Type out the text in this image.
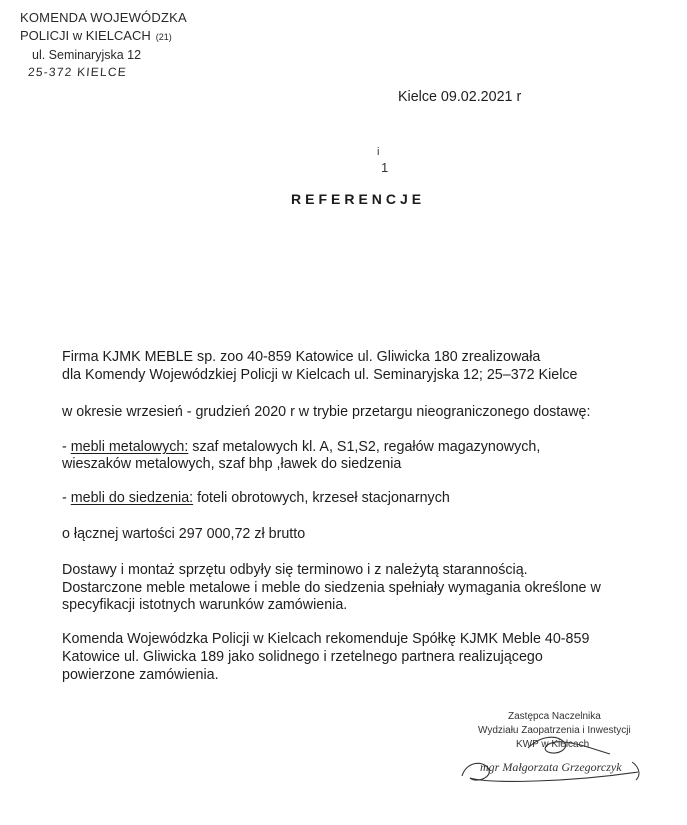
KOMENDA WOJEWÓDZKA
POLICJI w KIELCACH (21)
ul. Seminaryjska 12
25-372 KIELCE
Kielce 09.02.2021 r
i
1
REFERENCJE
Firma KJMK MEBLE sp. zoo 40-859 Katowice ul. Gliwicka 180 zrealizowała
dla Komendy Wojewódzkiej Policji w Kielcach ul. Seminaryjska 12; 25–372 Kielce
w okresie wrzesień - grudzień 2020 r w trybie przetargu nieograniczonego dostawę:
- mebli metalowych: szaf metalowych kl. A, S1,S2, regałów magazynowych,
wieszaków metalowych, szaf bhp ,ławek do siedzenia
- mebli do siedzenia: foteli obrotowych, krzeseł stacjonarnych
o łącznej wartości 297 000,72 zł brutto
Dostawy i montaż sprzętu odbyły się terminowo i z należytą starannością.
Dostarczone meble metalowe i meble do siedzenia spełniały wymagania określone w
specyfikacji istotnych warunków zamówienia.
Komenda Wojewódzka Policji w Kielcach rekomenduje Spółkę KJMK Meble 40-859
Katowice ul. Gliwicka 189 jako solidnego i rzetelnego partnera realizującego
powierzone zamówienia.
Zastępca Naczelnika
Wydziału Zaopatrzenia i Inwestycji
KWP w Kielcach
mgr Małgorzata Grzegorczyk
